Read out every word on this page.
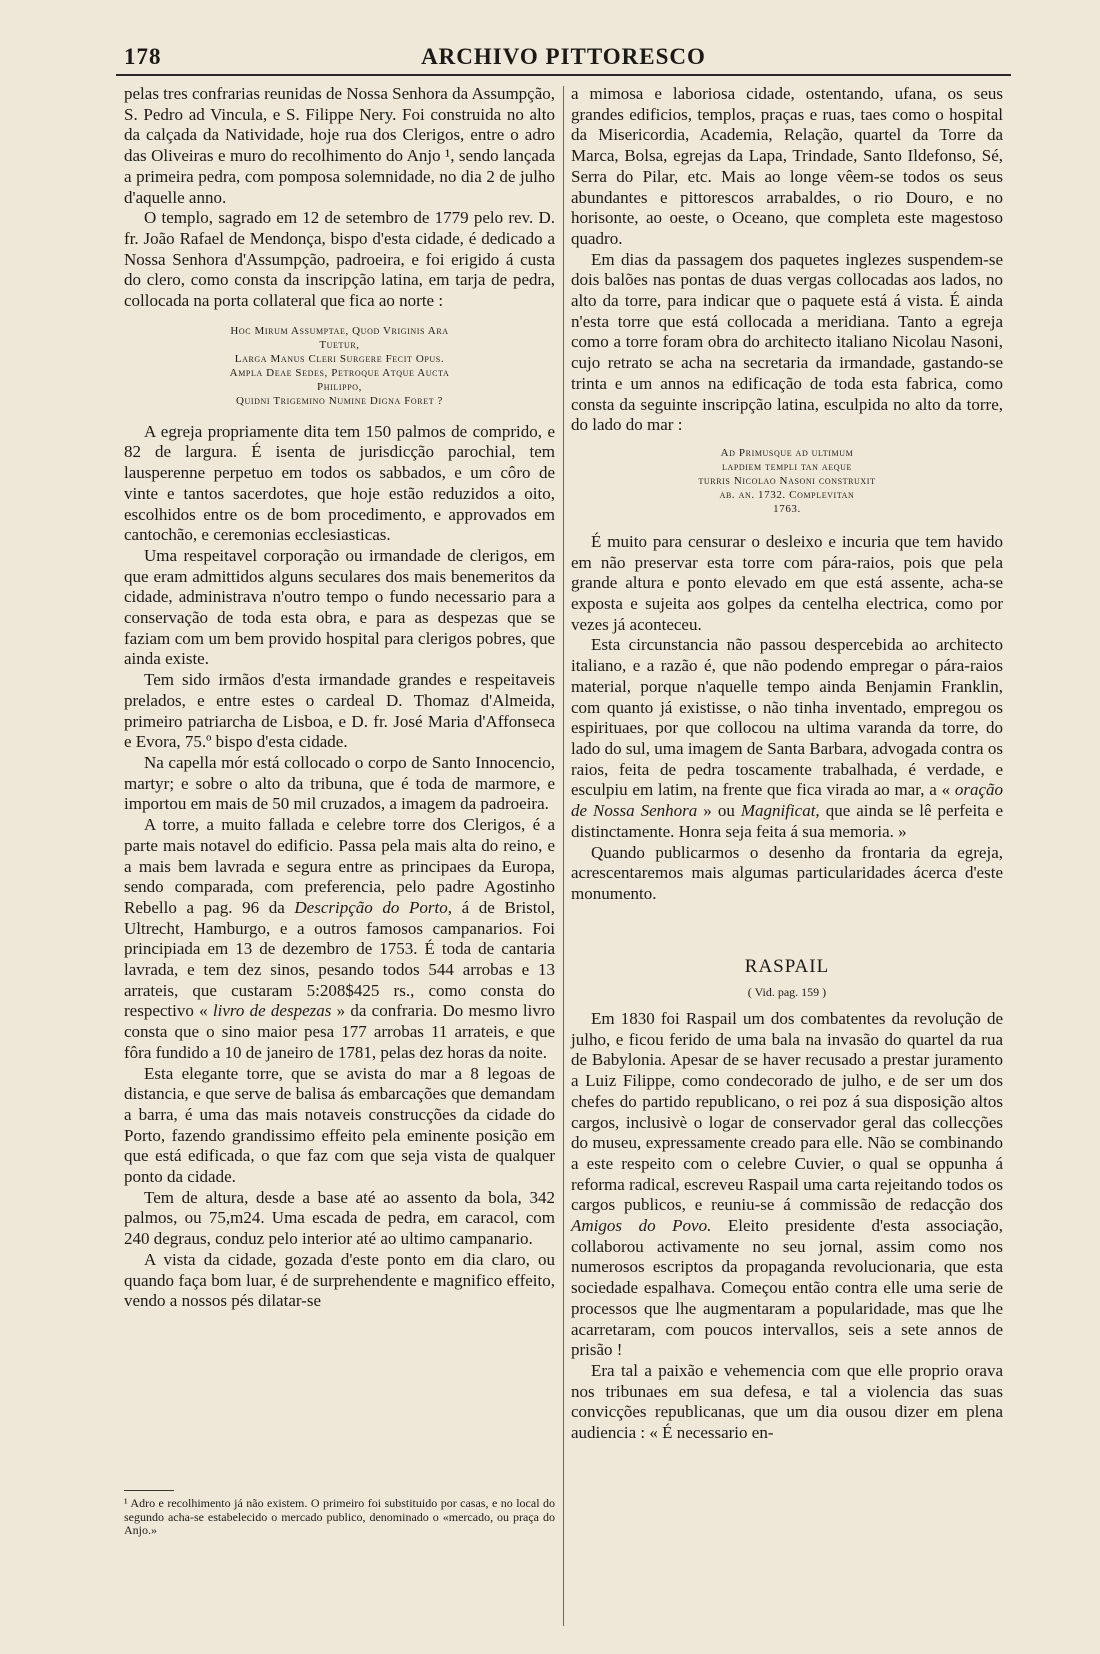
178	ARCHIVO PITTORESCO

pelas tres confrarias reunidas de Nossa Senhora da Assumpção, S. Pedro ad Vincula, e S. Filippe Nery. Foi construida no alto da calçada da Natividade, hoje rua dos Clerigos, entre o adro das Oliveiras e muro do recolhimento do Anjo ¹, sendo lançada a primeira pedra, com pomposa solemnidade, no dia 2 de julho d'aquelle anno.

O templo, sagrado em 12 de setembro de 1779 pelo rev. D. fr. João Rafael de Mendonça, bispo d'esta cidade, é dedicado a Nossa Senhora d'Assumpção, padroeira, e foi erigido á custa do clero, como consta da inscripção latina, em tarja de pedra, collocada na porta collateral que fica ao norte :

Hoc Mirum Assumptae, Quod Vriginis Ara
Tuetur,
Larga Manus Cleri Surgere Fecit Opus.
Ampla Deae Sedes, Petroque Atque Aucta
Philippo,
Quidni Trigemino Numine Digna Foret ?

A egreja propriamente dita tem 150 palmos de comprido, e 82 de largura. É isenta de jurisdicção parochial, tem lausperenne perpetuo em todos os sabbados, e um côro de vinte e tantos sacerdotes, que hoje estão reduzidos a oito, escolhidos entre os de bom procedimento, e approvados em cantochão, e ceremonias ecclesiasticas.

Uma respeitavel corporação ou irmandade de clerigos, em que eram admittidos alguns seculares dos mais benemeritos da cidade, administrava n'outro tempo o fundo necessario para a conservação de toda esta obra, e para as despezas que se faziam com um bem provido hospital para clerigos pobres, que ainda existe.

Tem sido irmãos d'esta irmandade grandes e respeitaveis prelados, e entre estes o cardeal D. Thomaz d'Almeida, primeiro patriarcha de Lisboa, e D. fr. José Maria d'Affonseca e Evora, 75.º bispo d'esta cidade.

Na capella mór está collocado o corpo de Santo Innocencio, martyr; e sobre o alto da tribuna, que é toda de marmore, e importou em mais de 50 mil cruzados, a imagem da padroeira.

A torre, a muito fallada e celebre torre dos Clerigos, é a parte mais notavel do edificio. Passa pela mais alta do reino, e a mais bem lavrada e segura entre as principaes da Europa, sendo comparada, com preferencia, pelo padre Agostinho Rebello a pag. 96 da Descripção do Porto, á de Bristol, Ultrecht, Hamburgo, e a outros famosos campanarios. Foi principiada em 13 de dezembro de 1753. É toda de cantaria lavrada, e tem dez sinos, pesando todos 544 arrobas e 13 arrateis, que custaram 5:208$425 rs., como consta do respectivo « livro de despezas » da confraria. Do mesmo livro consta que o sino maior pesa 177 arrobas 11 arrateis, e que fôra fundido a 10 de janeiro de 1781, pelas dez horas da noite.

Esta elegante torre, que se avista do mar a 8 legoas de distancia, e que serve de balisa ás embarcações que demandam a barra, é uma das mais notaveis construcções da cidade do Porto, fazendo grandissimo effeito pela eminente posição em que está edificada, o que faz com que seja vista de qualquer ponto da cidade.

Tem de altura, desde a base até ao assento da bola, 342 palmos, ou 75,m24. Uma escada de pedra, em caracol, com 240 degraus, conduz pelo interior até ao ultimo campanario.

A vista da cidade, gozada d'este ponto em dia claro, ou quando faça bom luar, é de surprehendente e magnifico effeito, vendo a nossos pés dilatar-se

¹ Adro e recolhimento já não existem. O primeiro foi substituido por casas, e no local do segundo acha-se estabelecido o mercado publico, denominado o «mercado, ou praça do Anjo.»

a mimosa e laboriosa cidade, ostentando, ufana, os seus grandes edificios, templos, praças e ruas, taes como o hospital da Misericordia, Academia, Relação, quartel da Torre da Marca, Bolsa, egrejas da Lapa, Trindade, Santo Ildefonso, Sé, Serra do Pilar, etc. Mais ao longe vêem-se todos os seus abundantes e pittorescos arrabaldes, o rio Douro, e no horisonte, ao oeste, o Oceano, que completa este magestoso quadro.

Em dias da passagem dos paquetes inglezes suspendem-se dois balões nas pontas de duas vergas collocadas aos lados, no alto da torre, para indicar que o paquete está á vista. É ainda n'esta torre que está collocada a meridiana. Tanto a egreja como a torre foram obra do architecto italiano Nicolau Nasoni, cujo retrato se acha na secretaria da irmandade, gastando-se trinta e um annos na edificação de toda esta fabrica, como consta da seguinte inscripção latina, esculpida no alto da torre, do lado do mar :

Ad Primusque ad ultimum
lapdiem templi tan aeque
turris Nicolao Nasoni construxit
ab. an. 1732. Complevitan
1763.

É muito para censurar o desleixo e incuria que tem havido em não preservar esta torre com pára-raios, pois que pela grande altura e ponto elevado em que está assente, acha-se exposta e sujeita aos golpes da centelha electrica, como por vezes já aconteceu.

Esta circunstancia não passou despercebida ao architecto italiano, e a razão é, que não podendo empregar o pára-raios material, porque n'aquelle tempo ainda Benjamin Franklin, com quanto já existisse, o não tinha inventado, empregou os espirituaes, por que collocou na ultima varanda da torre, do lado do sul, uma imagem de Santa Barbara, advogada contra os raios, feita de pedra toscamente trabalhada, é verdade, e esculpiu em latim, na frente que fica virada ao mar, a « oração de Nossa Senhora » ou Magnificat, que ainda se lê perfeita e distinctamente. Honra seja feita á sua memoria. »

Quando publicarmos o desenho da frontaria da egreja, acrescentaremos mais algumas particularidades ácerca d'este monumento.

RASPAIL
( Vid. pag. 159 )

Em 1830 foi Raspail um dos combatentes da revolução de julho, e ficou ferido de uma bala na invasão do quartel da rua de Babylonia. Apesar de se haver recusado a prestar juramento a Luiz Filippe, como condecorado de julho, e de ser um dos chefes do partido republicano, o rei poz á sua disposição altos cargos, inclusivè o logar de conservador geral das collecções do museu, expressamente creado para elle. Não se combinando a este respeito com o celebre Cuvier, o qual se oppunha á reforma radical, escreveu Raspail uma carta rejeitando todos os cargos publicos, e reuniu-se á commissão de redacção dos Amigos do Povo. Eleito presidente d'esta associação, collaborou activamente no seu jornal, assim como nos numerosos escriptos da propaganda revolucionaria, que esta sociedade espalhava. Começou então contra elle uma serie de processos que lhe augmentaram a popularidade, mas que lhe acarretaram, com poucos intervallos, seis a sete annos de prisão !

Era tal a paixão e vehemencia com que elle proprio orava nos tribunaes em sua defesa, e tal a violencia das suas convicções republicanas, que um dia ousou dizer em plena audiencia : « É necessario en-
